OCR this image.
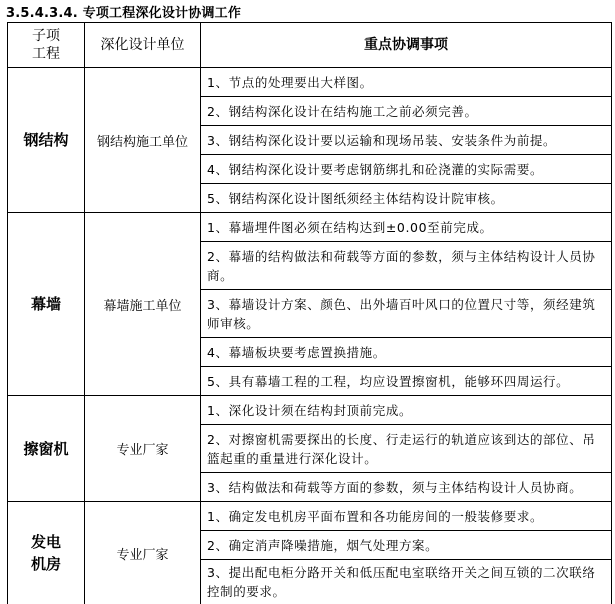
3.5.4.3.4. 专项工程深化设计协调工作
子项
工程	深化设计单位	重点协调事项
钢结构	钢结构施工单位	1、节点的处理要出大样图。
		2、钢结构深化设计在结构施工之前必须完善。
		3、钢结构深化设计要以运输和现场吊装、安装条件为前提。
		4、钢结构深化设计要考虑钢筋绑扎和砼浇灌的实际需要。
		5、钢结构深化设计图纸须经主体结构设计院审核。
幕墙	幕墙施工单位	1、幕墙埋件图必须在结构达到±0.00至前完成。
		2、幕墙的结构做法和荷载等方面的参数，须与主体结构设计人员协商。
		3、幕墙设计方案、颜色、出外墙百叶风口的位置尺寸等，须经建筑师审核。
		4、幕墙板块要考虑置换措施。
		5、具有幕墙工程的工程，均应设置擦窗机，能够环四周运行。
擦窗机	专业厂家	1、深化设计须在结构封顶前完成。
		2、对擦窗机需要探出的长度、行走运行的轨道应该到达的部位、吊篮起重的重量进行深化设计。
		3、结构做法和荷载等方面的参数，须与主体结构设计人员协商。
发电
机房	专业厂家	1、确定发电机房平面布置和各功能房间的一般装修要求。
		2、确定消声降噪措施，烟气处理方案。
		3、提出配电柜分路开关和低压配电室联络开关之间互锁的二次联络控制的要求。
